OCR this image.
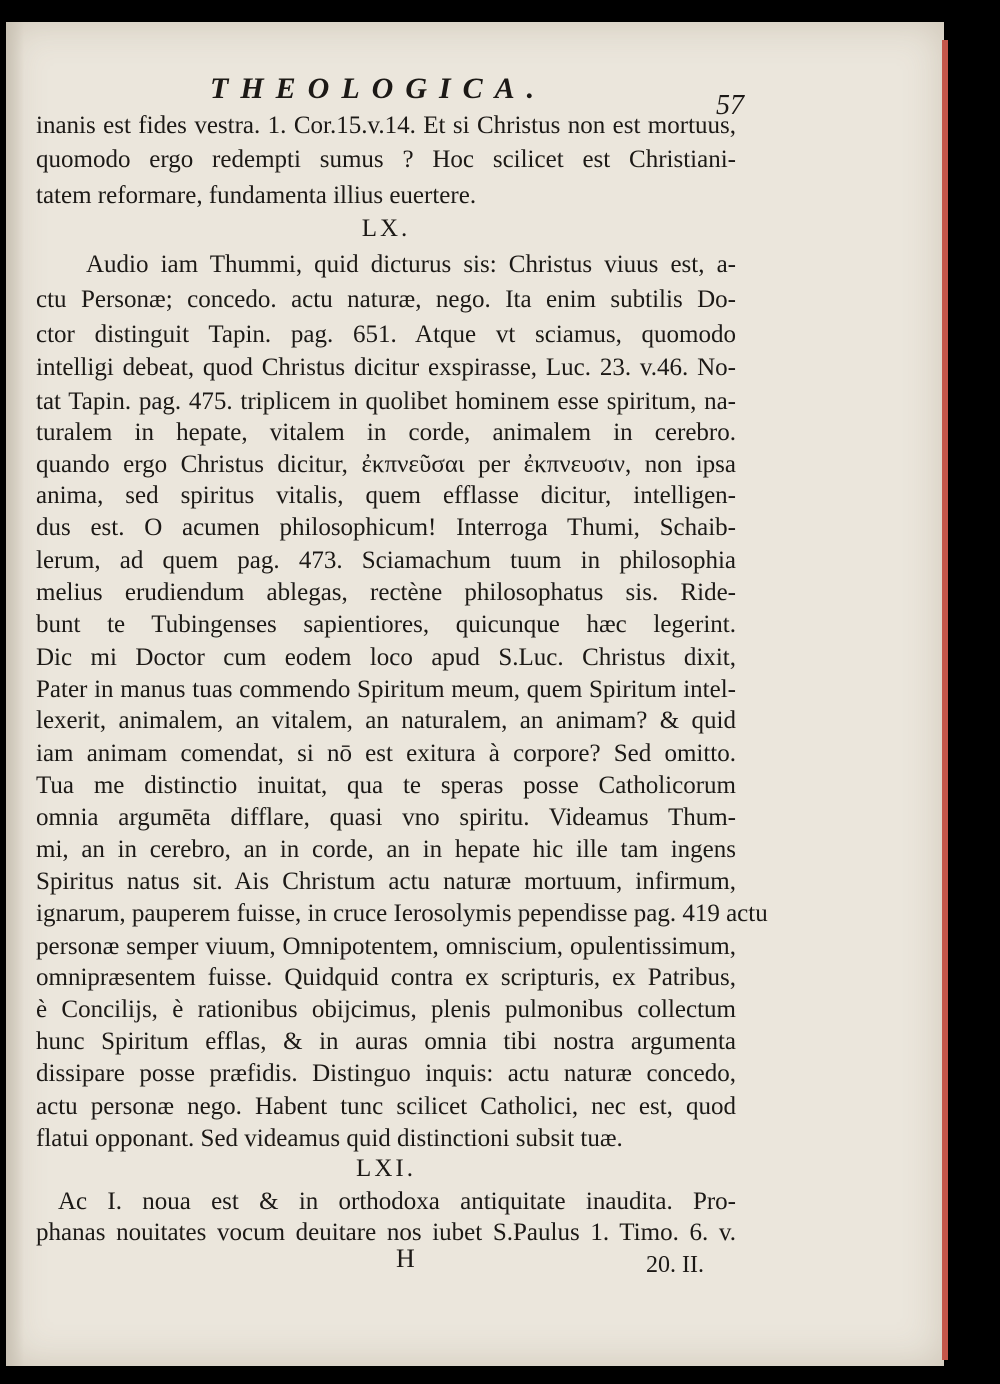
THEOLOGICA.
57
inanis est fides vestra. 1. Cor.15.v.14. Et si Christus non est mortuus,
quomodo ergo redempti sumus ? Hoc scilicet est Christiani-
tatem reformare, fundamenta illius euertere.
LX.
Audio iam Thummi, quid dicturus sis: Christus viuus est, a-
ctu Personæ; concedo. actu naturæ, nego. Ita enim subtilis Do-
ctor distinguit Tapin. pag. 651. Atque vt sciamus, quomodo
intelligi debeat, quod Christus dicitur exspirasse, Luc. 23. v.46. No-
tat Tapin. pag. 475. triplicem in quolibet hominem esse spiritum, na-
turalem in hepate, vitalem in corde, animalem in cerebro.
quando ergo Christus dicitur, ἐκπνεῦσαι per ἐκπνευσιν, non ipsa
anima, sed spiritus vitalis, quem efflasse dicitur, intelligen-
dus est. O acumen philosophicum! Interroga Thumi, Schaib-
lerum, ad quem pag. 473. Sciamachum tuum in philosophia
melius erudiendum ablegas, rectène philosophatus sis. Ride-
bunt te Tubingenses sapientiores, quicunque hæc legerint.
Dic mi Doctor cum eodem loco apud S.Luc. Christus dixit,
Pater in manus tuas commendo Spiritum meum, quem Spiritum intel-
lexerit, animalem, an vitalem, an naturalem, an animam? & quid
iam animam comendat, si nō est exitura à corpore? Sed omitto.
Tua me distinctio inuitat, qua te speras posse Catholicorum
omnia argumēta difflare, quasi vno spiritu. Videamus Thum-
mi, an in cerebro, an in corde, an in hepate hic ille tam ingens
Spiritus natus sit. Ais Christum actu naturæ mortuum, infirmum,
ignarum, pauperem fuisse, in cruce Ierosolymis pependisse pag. 419 actu
personæ semper viuum, Omnipotentem, omniscium, opulentissimum,
omnipræsentem fuisse. Quidquid contra ex scripturis, ex Patribus,
è Concilijs, è rationibus obijcimus, plenis pulmonibus collectum
hunc Spiritum efflas, & in auras omnia tibi nostra argumenta
dissipare posse præfidis. Distinguo inquis: actu naturæ concedo,
actu personæ nego. Habent tunc scilicet Catholici, nec est, quod
flatui opponant. Sed videamus quid distinctioni subsit tuæ.
LXI.
Ac I. noua est & in orthodoxa antiquitate inaudita. Pro-
phanas nouitates vocum deuitare nos iubet S.Paulus 1. Timo. 6. v.
H	20. II.
